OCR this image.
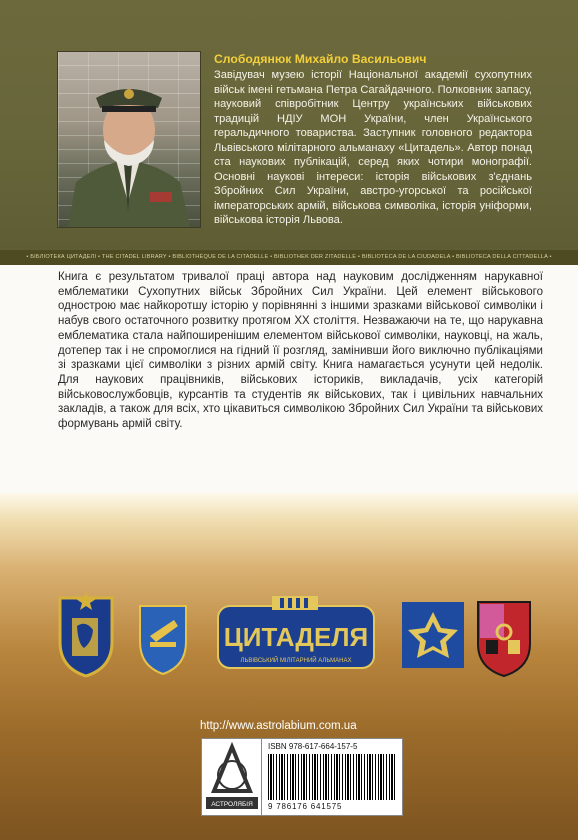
Слободянюк Михайло Васильович
Завідувач музею історії Національної академії сухопутних військ імені гетьмана Петра Сагайдачного. Полковник запасу, науковий співробітник Центру українських військових традицій НДІУ МОН України, член Українського геральдичного товариства. Заступник головного редактора Львівського мілітарного альманаху «Цитадель». Автор понад ста наукових публікацій, серед яких чотири монографії. Основні наукові інтереси: історія військових з'єднань Збройних Сил України, австро-угорської та російської імператорських армій, військова символіка, історія уніформи, військова історія Львова.
• БІБЛІОТЕКА ЦИТАДЕЛІ • THE CITADEL LIBRARY • BIBLIOTHÈQUE DE LA CITADELLE • BIBLIOTHEK DER ZITADELLE • BIBLIOTECA DE LA CIUDADELA • BIBLIOTECA DELLA CITTADELLA •
Книга є результатом тривалої праці автора над науковим дослідженням нарукавної емблематики Сухопутних військ Збройних Сил України. Цей елемент військового однострою має найкоротшу історію у порівнянні з іншими зразками військової символіки і набув свого остаточного розвитку протягом XX століття. Незважаючи на те, що нарукавна емблематика стала найпоширенішим елементом військової символіки, науковці, на жаль, дотепер так і не спромоглися на гідний її розгляд, замінивши його виключно публікаціями зі зразками цієї символіки з різних армій світу. Книга намагається усунути цей недолік. Для наукових працівників, військових істориків, викладачів, усіх категорій військовослужбовців, курсантів та студентів як військових, так і цивільних навчальних закладів, а також для всіх, хто цікавиться символікою Збройних Сил України та військових формувань армій світу.
ЦИТАДЕЛЯ
ЛЬВІВСЬКИЙ МІЛІТАРНИЙ АЛЬМАНАХ
http://www.astrolabium.com.ua
АСТРОЛЯБІЯ
ISBN 978-617-664-157-5
9 786176 641575
